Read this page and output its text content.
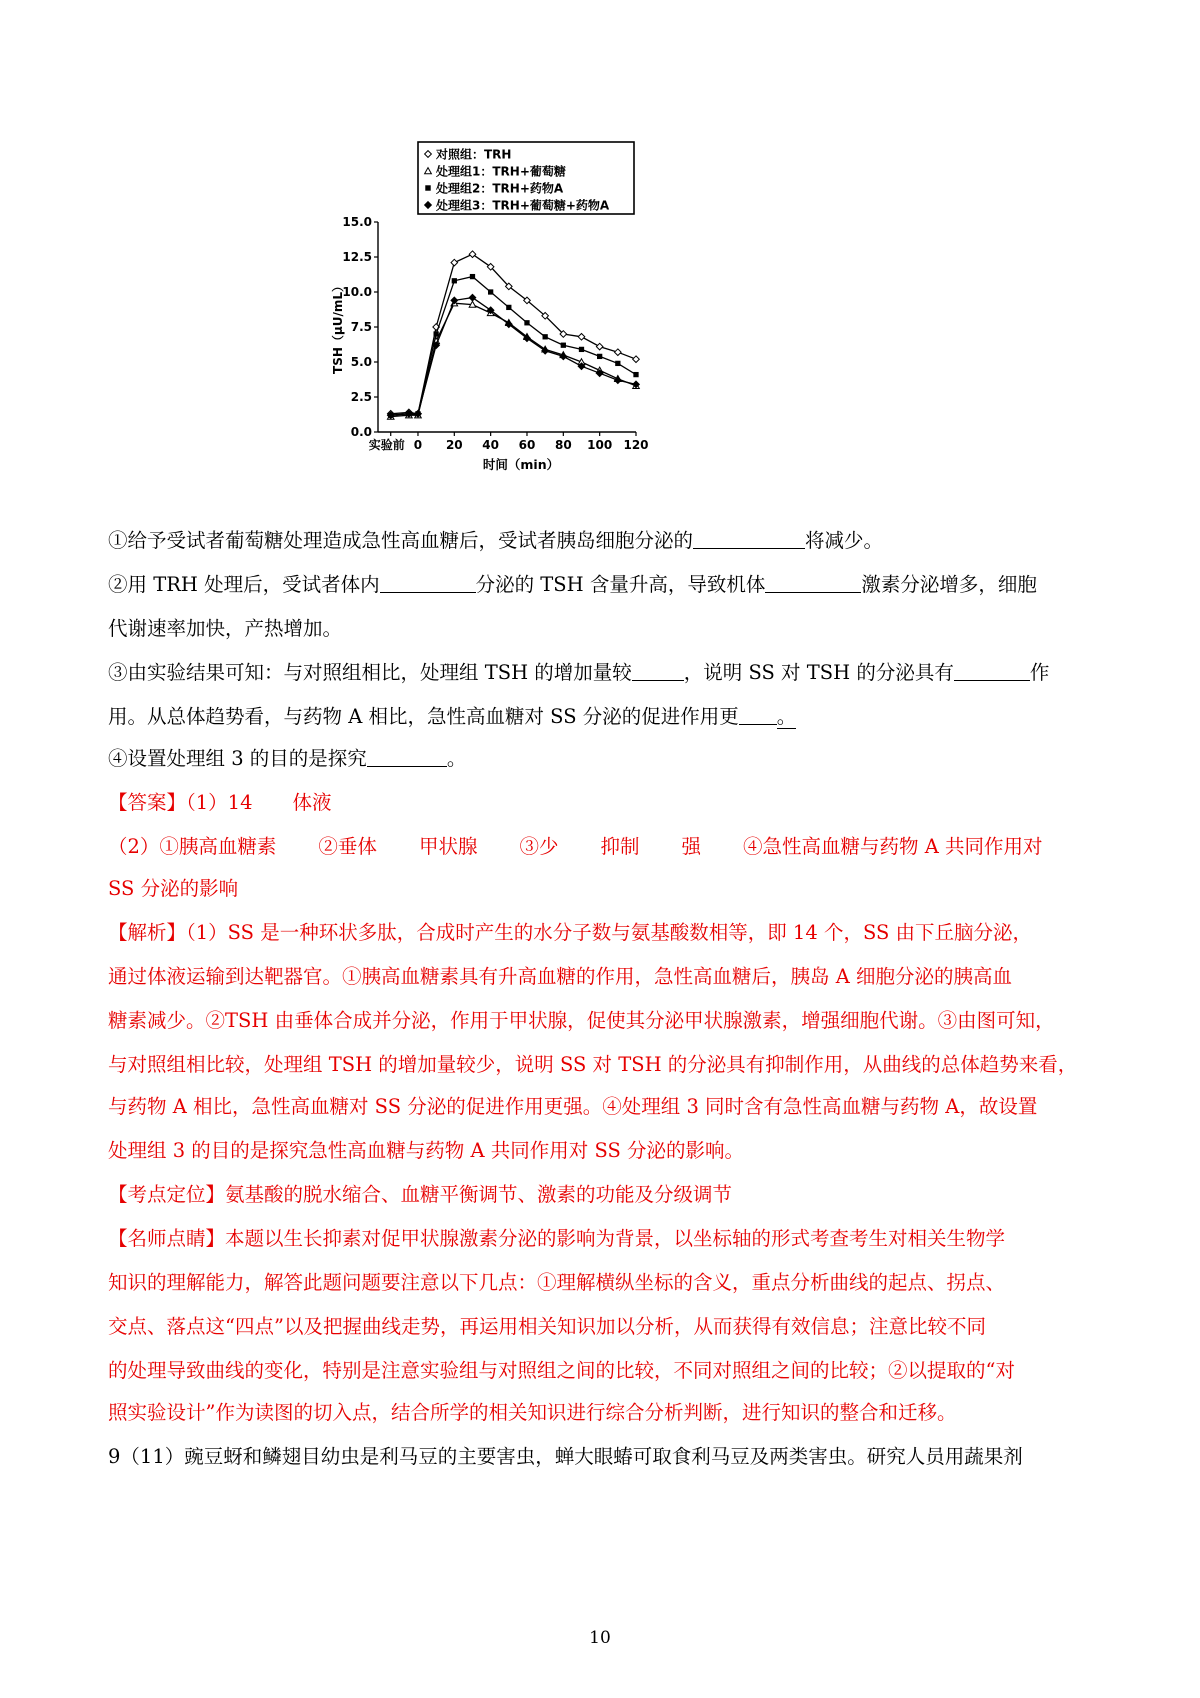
对照组：TRH
处理组1：TRH+葡萄糖
处理组2：TRH+药物A
处理组3：TRH+葡萄糖+药物A
0.0
2.5
5.0
7.5
10.0
12.5
15.0
实验前 0 20 40 60 80 100 120
TSH（μU/mL）
时间（min）
①给予受试者葡萄糖处理造成急性高血糖后，受试者胰岛细胞分泌的	将减少。
②用 TRH 处理后，受试者体内	分泌的 TSH 含量升高，导致机体	激素分泌增多，细胞
代谢速率加快，产热增加。
③由实验结果可知：与对照组相比，处理组 TSH 的增加量较	，说明 SS 对 TSH 的分泌具有	作
用。从总体趋势看，与药物 A 相比，急性高血糖对 SS 分泌的促进作用更 。
④设置处理组 3 的目的是探究	。
【答案】（1）14 体液
（2）①胰高血糖素 ②垂体 甲状腺 ③少 抑制 强 ④急性高血糖与药物 A 共同作用对
SS 分泌的影响
【解析】（1）SS 是一种环状多肽，合成时产生的水分子数与氨基酸数相等，即 14 个，SS 由下丘脑分泌，
通过体液运输到达靶器官。①胰高血糖素具有升高血糖的作用，急性高血糖后，胰岛 A 细胞分泌的胰高血
糖素减少。②TSH 由垂体合成并分泌，作用于甲状腺，促使其分泌甲状腺激素，增强细胞代谢。③由图可知，
与对照组相比较，处理组 TSH 的增加量较少，说明 SS 对 TSH 的分泌具有抑制作用，从曲线的总体趋势来看，
与药物 A 相比，急性高血糖对 SS 分泌的促进作用更强。④处理组 3 同时含有急性高血糖与药物 A，故设置
处理组 3 的目的是探究急性高血糖与药物 A 共同作用对 SS 分泌的影响。
【考点定位】氨基酸的脱水缩合、血糖平衡调节、激素的功能及分级调节
【名师点睛】本题以生长抑素对促甲状腺激素分泌的影响为背景，以坐标轴的形式考查考生对相关生物学
知识的理解能力，解答此题问题要注意以下几点：①理解横纵坐标的含义，重点分析曲线的起点、拐点、
交点、落点这“四点”以及把握曲线走势，再运用相关知识加以分析，从而获得有效信息；注意比较不同
的处理导致曲线的变化，特别是注意实验组与对照组之间的比较，不同对照组之间的比较；②以提取的“对
照实验设计”作为读图的切入点，结合所学的相关知识进行综合分析判断，进行知识的整合和迁移。
9（11）豌豆蚜和鳞翅目幼虫是利马豆的主要害虫，蝉大眼蝽可取食利马豆及两类害虫。研究人员用蔬果剂
10
